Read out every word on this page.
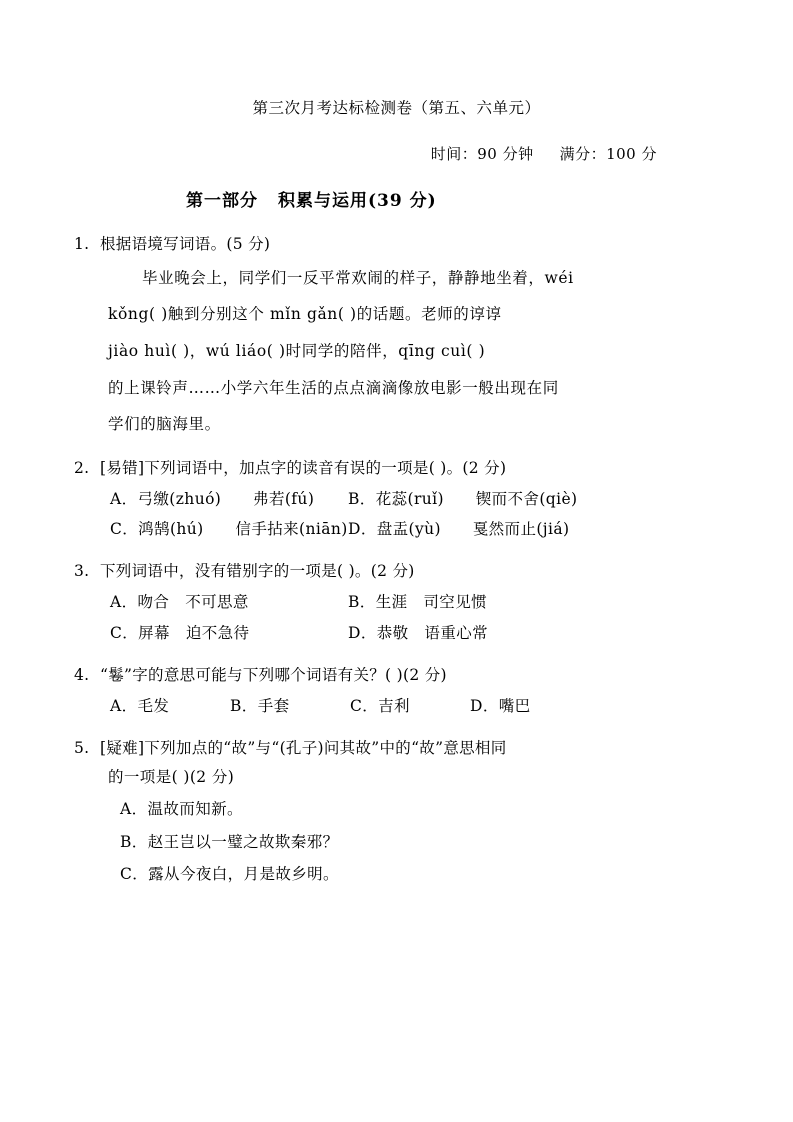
第三次月考达标检测卷（第五、六单元）
时间：90 分钟 满分：100 分
第一部分 积累与运用(39 分)
1. 根据语境写词语。(5 分)
毕业晚会上，同学们一反平常欢闹的样子，静静地坐着，wéi
kǒng( )触到分别这个 mǐn gǎn( )的话题。老师的谆谆
jiào huì( )，wú liáo( )时同学的陪伴，qīng cuì( )
的上课铃声……小学六年生活的点点滴滴像放电影一般出现在同
学们的脑海里。
2. [易错]下列词语中，加点字的读音有误的一项是( )。(2 分)
A．弓缴(zhuó)　　弗若(fú)	B．花蕊(ruǐ)　　锲而不舍(qiè)
C．鸿鹄(hú)　　信手拈来(niān) D．盘盂(yù)　　戛然而止(jiá)
3. 下列词语中，没有错别字的一项是( )。(2 分)
A．吻合　不可思意	B．生涯　司空见惯
C．屏幕　迫不急待	D．恭敬　语重心常
4. “鬈”字的意思可能与下列哪个词语有关？( )(2 分)
A．毛发	B．手套	C．吉利	D．嘴巴
5. [疑难]下列加点的“故”与“(孔子)问其故”中的“故”意思相同
的一项是( )(2 分)
A．温故而知新。
B．赵王岂以一璧之故欺秦邪？
C．露从今夜白，月是故乡明。
